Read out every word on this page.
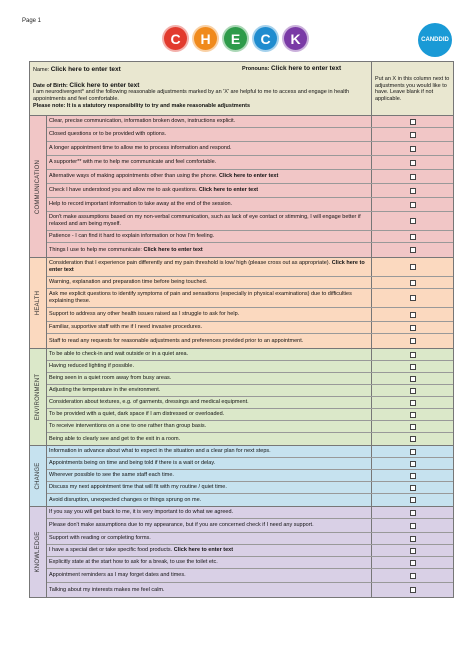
Page 1
C	H	E	C	K	CANDDID
Name: Click here to enter text	Pronouns: Click here to enter text
Date of Birth: Click here to enter text
I am neurodivergent* and the following reasonable adjustments marked by an 'X' are helpful to me to access and engage in health appointments and feel comfortable.
Please note: It is a statutory responsibility to try and make reasonable adjustments
Put an X in this column next to adjustments you would like to have. Leave blank if not applicable.
COMMUNICATION
Clear, precise communication, information broken down, instructions explicit.
Closed questions or to be provided with options.
A longer appointment time to allow me to process information and respond.
A supporter** with me to help me communicate and feel comfortable.
Alternative ways of making appointments other than using the phone. Click here to enter text
Check I have understood you and allow me to ask questions. Click here to enter text
Help to record important information to take away at the end of the session.
Don't make assumptions based on my non-verbal communication, such as lack of eye contact or stimming, I will engage better if relaxed and am being myself.
Patience - I can find it hard to explain information or how I'm feeling.
Things I use to help me communicate: Click here to enter text
HEALTH
Consideration that I experience pain differently and my pain threshold is low/ high (please cross out as appropriate). Click here to enter text
Warning, explanation and preparation time before being touched.
Ask me explicit questions to identify symptoms of pain and sensations (especially in physical examinations) due to difficulties explaining these.
Support to address any other health issues raised as I struggle to ask for help.
Familiar, supportive staff with me if I need invasive procedures.
Staff to read any requests for reasonable adjustments and preferences provided prior to an appointment.
ENVIRONMENT
To be able to check-in and wait outside or in a quiet area.
Having reduced lighting if possible.
Being seen in a quiet room away from busy areas.
Adjusting the temperature in the environment.
Consideration about textures, e.g. of garments, dressings and medical equipment.
To be provided with a quiet, dark space if I am distressed or overloaded.
To receive interventions on a one to one rather than group basis.
Being able to clearly see and get to the exit in a room.
CHANGE
Information in advance about what to expect in the situation and a clear plan for next steps.
Appointments being on time and being told if there is a wait or delay.
Wherever possible to see the same staff each time.
Discuss my next appointment time that will fit with my routine / quiet time.
Avoid disruption, unexpected changes or things sprung on me.
KNOWLEDGE
If you say you will get back to me, it is very important to do what we agreed.
Please don't make assumptions due to my appearance, but if you are concerned check if I need any support.
Support with reading or completing forms.
I have a special diet or take specific food products. Click here to enter text
Explicitly state at the start how to ask for a break, to use the toilet etc.
Appointment reminders as I may forget dates and times.
Talking about my interests makes me feel calm.
